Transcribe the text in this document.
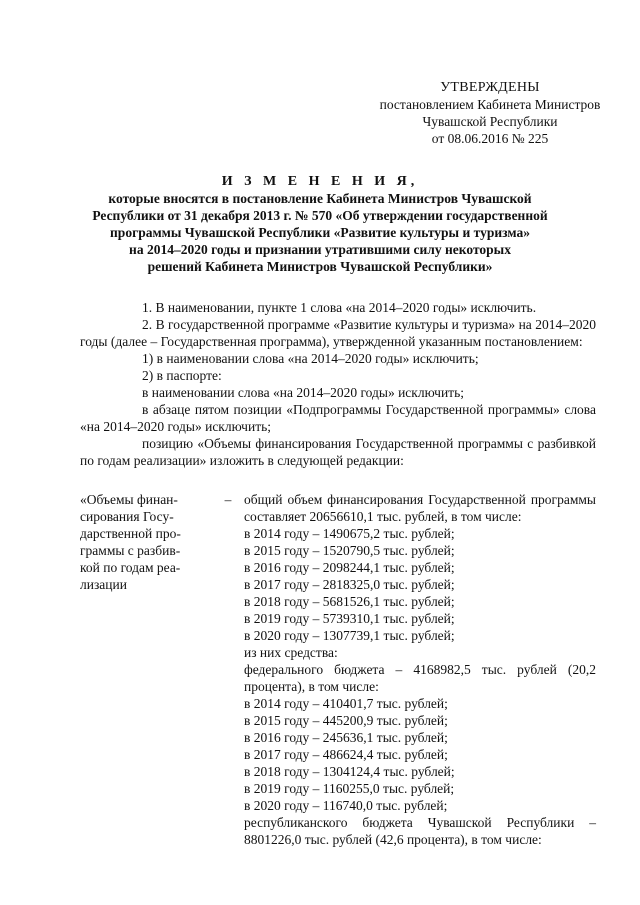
УТВЕРЖДЕНЫ
постановлением Кабинета Министров
Чувашской Республики
от 08.06.2016 № 225
И З М Е Н Е Н И Я,
которые вносятся в постановление Кабинета Министров Чувашской
Республики от 31 декабря 2013 г. № 570 «Об утверждении государственной
программы Чувашской Республики «Развитие культуры и туризма»
на 2014–2020 годы и признании утратившими силу некоторых
решений Кабинета Министров Чувашской Республики»

1. В наименовании, пункте 1 слова «на 2014–2020 годы» исключить.

2. В государственной программе «Развитие культуры и туризма» на 2014–2020 годы (далее – Государственная программа), утвержденной указанным постановлением:

1) в наименовании слова «на 2014–2020 годы» исключить;

2) в паспорте:

в наименовании слова «на 2014–2020 годы» исключить;

в абзаце пятом позиции «Подпрограммы Государственной программы» слова «на 2014–2020 годы» исключить;

позицию «Объемы финансирования Государственной программы с разбивкой по годам реализации» изложить в следующей редакции:

«Объемы финан-
сирования Госу-
дарственной про-
граммы с разбив-
кой по годам реа-
лизации
– общий объем финансирования Государственной программы составляет 20656610,1 тыс. рублей, в том числе:

в 2014 году – 1490675,2 тыс. рублей;
в 2015 году – 1520790,5 тыс. рублей;
в 2016 году – 2098244,1 тыс. рублей;
в 2017 году – 2818325,0 тыс. рублей;
в 2018 году – 5681526,1 тыс. рублей;
в 2019 году – 5739310,1 тыс. рублей;
в 2020 году – 1307739,1 тыс. рублей;
из них средства:

федерального бюджета – 4168982,5 тыс. рублей (20,2 процента), в том числе:

в 2014 году – 410401,7 тыс. рублей;
в 2015 году – 445200,9 тыс. рублей;
в 2016 году – 245636,1 тыс. рублей;
в 2017 году – 486624,4 тыс. рублей;
в 2018 году – 1304124,4 тыс. рублей;
в 2019 году – 1160255,0 тыс. рублей;
в 2020 году – 116740,0 тыс. рублей;

республиканского бюджета Чувашской Республики – 8801226,0 тыс. рублей (42,6 процента), в том числе:
